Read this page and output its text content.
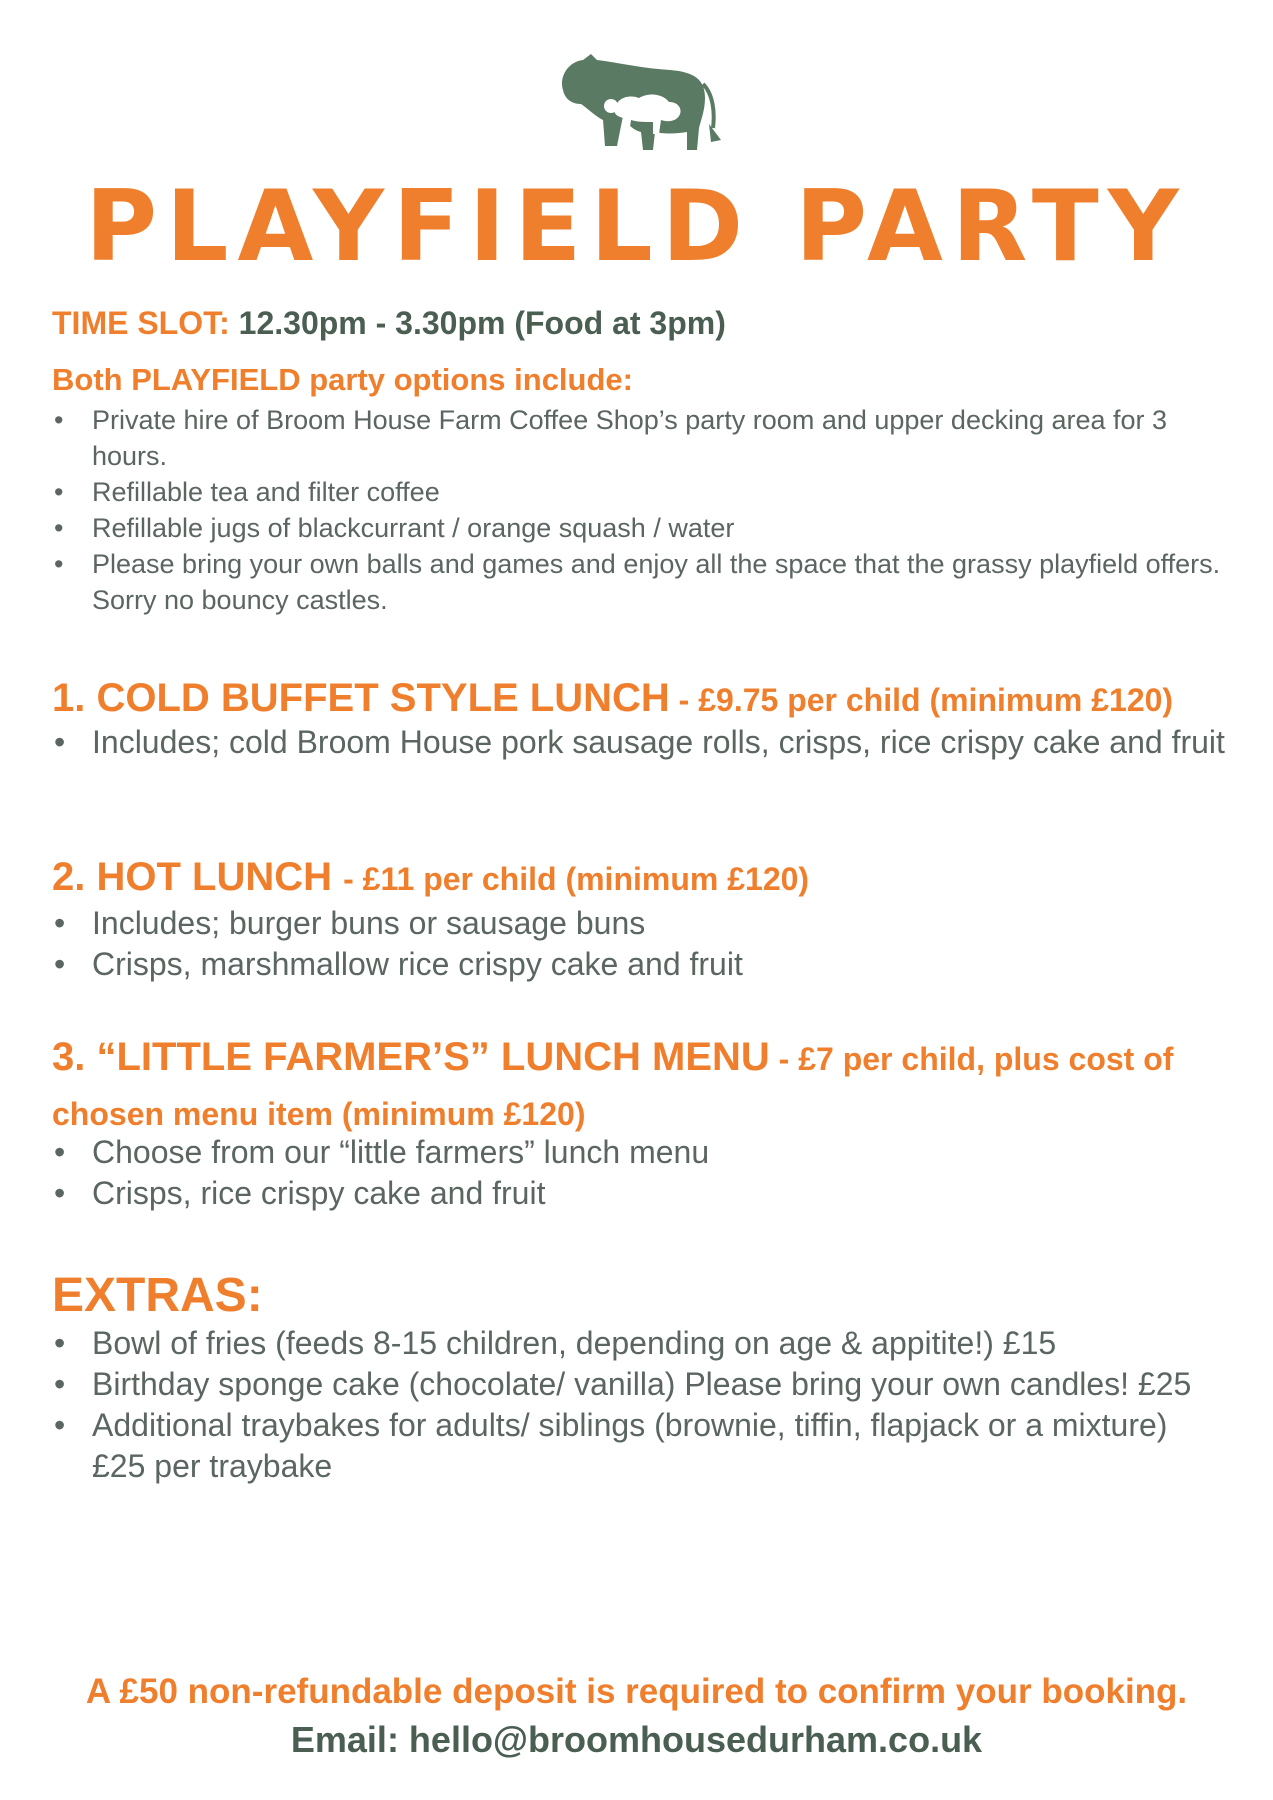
PLAYFIELD PARTY
TIME SLOT: 12.30pm - 3.30pm (Food at 3pm)
Both PLAYFIELD party options include:
• Private hire of Broom House Farm Coffee Shop’s party room and upper decking area for 3 hours.
• Refillable tea and filter coffee
• Refillable jugs of blackcurrant / orange squash / water
• Please bring your own balls and games and enjoy all the space that the grassy playfield offers. Sorry no bouncy castles.
1. COLD BUFFET STYLE LUNCH - £9.75 per child (minimum £120)
• Includes; cold Broom House pork sausage rolls, crisps, rice crispy cake and fruit
2. HOT LUNCH - £11 per child (minimum £120)
• Includes; burger buns or sausage buns
• Crisps, marshmallow rice crispy cake and fruit
3. “LITTLE FARMER’S” LUNCH MENU - £7 per child, plus cost of chosen menu item (minimum £120)
• Choose from our “little farmers” lunch menu
• Crisps, rice crispy cake and fruit
EXTRAS:
• Bowl of fries (feeds 8-15 children, depending on age & appitite!) £15
• Birthday sponge cake (chocolate/ vanilla) Please bring your own candles! £25
• Additional traybakes for adults/ siblings (brownie, tiffin, flapjack or a mixture) £25 per traybake
A £50 non-refundable deposit is required to confirm your booking.
Email: hello@broomhousedurham.co.uk
